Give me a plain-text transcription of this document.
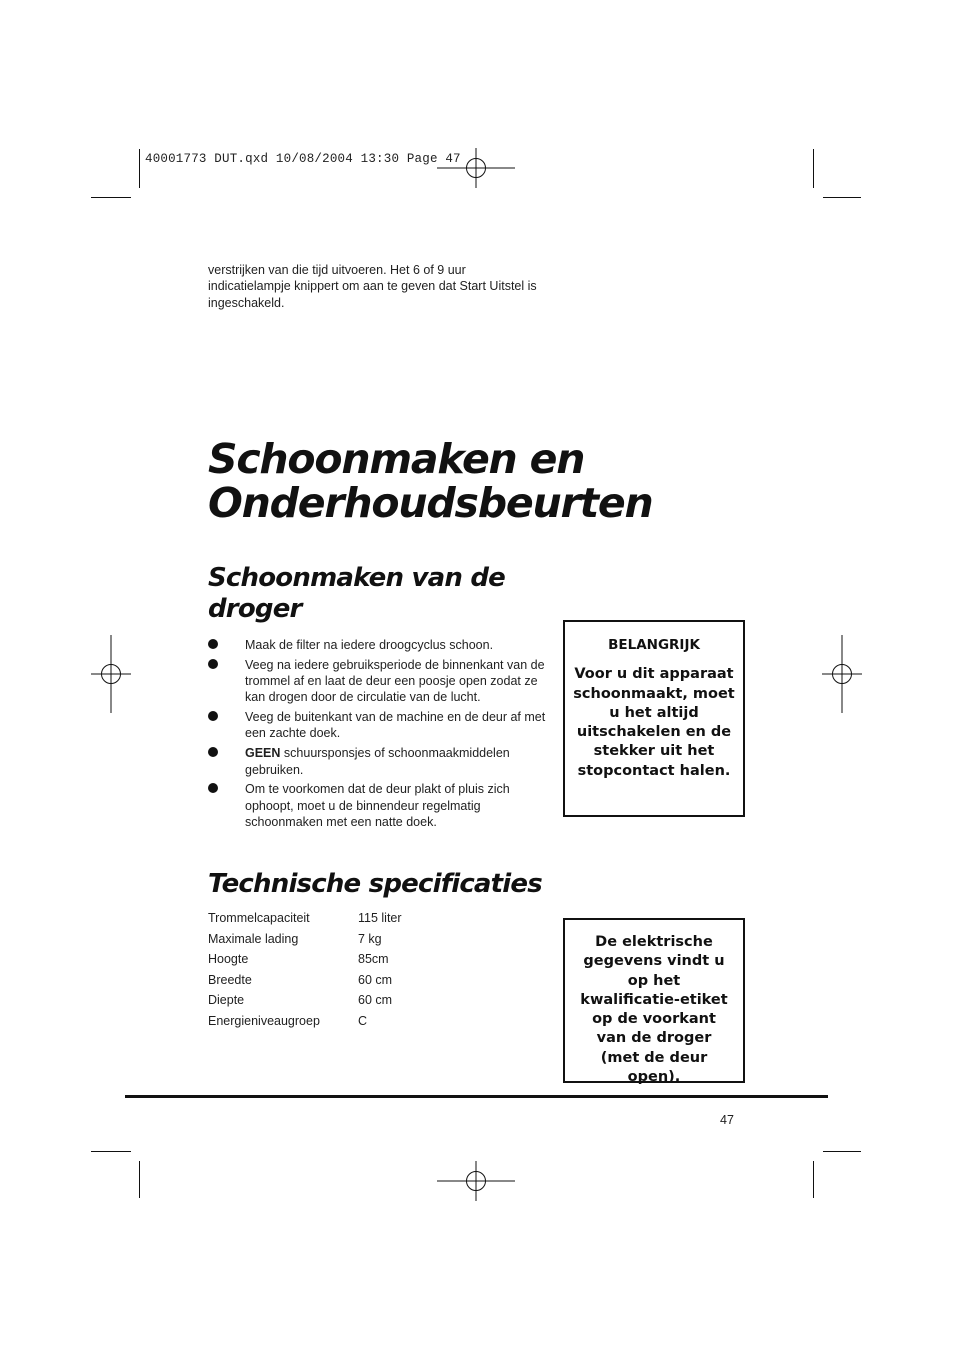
40001773 DUT.qxd 10/08/2004 13:30 Page 47

verstrijken van die tijd uitvoeren. Het 6 of 9 uur indicatielampje knippert om aan te geven dat Start Uitstel is ingeschakeld.

Schoonmaken en
Onderhoudsbeurten
Schoonmaken van de
droger
Maak de filter na iedere droogcyclus schoon.
Veeg na iedere gebruiksperiode de binnenkant van de trommel af en laat de deur een poosje open zodat ze kan drogen door de circulatie van de lucht.
Veeg de buitenkant van de machine en de deur af met een zachte doek.
GEEN schuursponsjes of schoonmaakmiddelen gebruiken.
Om te voorkomen dat de deur plakt of pluis zich ophoopt, moet u de binnendeur regelmatig schoonmaken met een natte doek.
BELANGRIJK
Voor u dit apparaat schoonmaakt, moet u het altijd uitschakelen en de stekker uit het stopcontact halen.
Technische specificaties
Trommelcapaciteit	115 liter
Maximale lading	7 kg
Hoogte	85cm
Breedte	60 cm
Diepte	60 cm
Energieniveaugroep	C
De elektrische gegevens vindt u op het kwalificatie-etiket op de voorkant van de droger (met de deur open).
47
